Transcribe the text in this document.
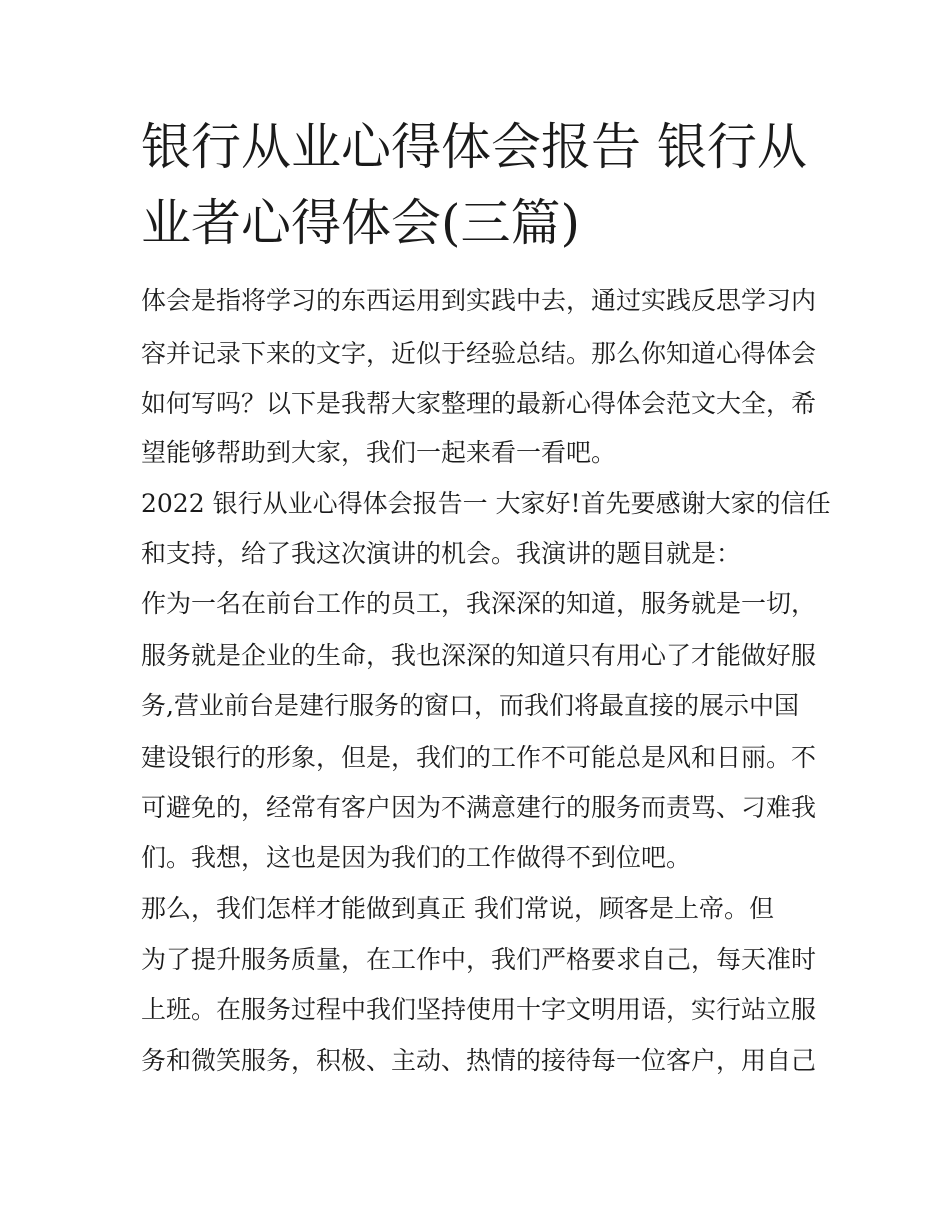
银行从业心得体会报告 银行从
业者心得体会(三篇)
体会是指将学习的东西运用到实践中去，通过实践反思学习内
容并记录下来的文字，近似于经验总结。那么你知道心得体会
如何写吗？以下是我帮大家整理的最新心得体会范文大全，希
望能够帮助到大家，我们一起来看一看吧。
2022 银行从业心得体会报告一 大家好!首先要感谢大家的信任
和支持，给了我这次演讲的机会。我演讲的题目就是：
作为一名在前台工作的员工，我深深的知道，服务就是一切，
服务就是企业的生命，我也深深的知道只有用心了才能做好服
务,营业前台是建行服务的窗口，而我们将最直接的展示中国
建设银行的形象，但是，我们的工作不可能总是风和日丽。不
可避免的，经常有客户因为不满意建行的服务而责骂、刁难我
们。我想，这也是因为我们的工作做得不到位吧。
那么，我们怎样才能做到真正 我们常说，顾客是上帝。但
为了提升服务质量，在工作中，我们严格要求自己，每天准时
上班。在服务过程中我们坚持使用十字文明用语，实行站立服
务和微笑服务，积极、主动、热情的接待每一位客户，用自己
